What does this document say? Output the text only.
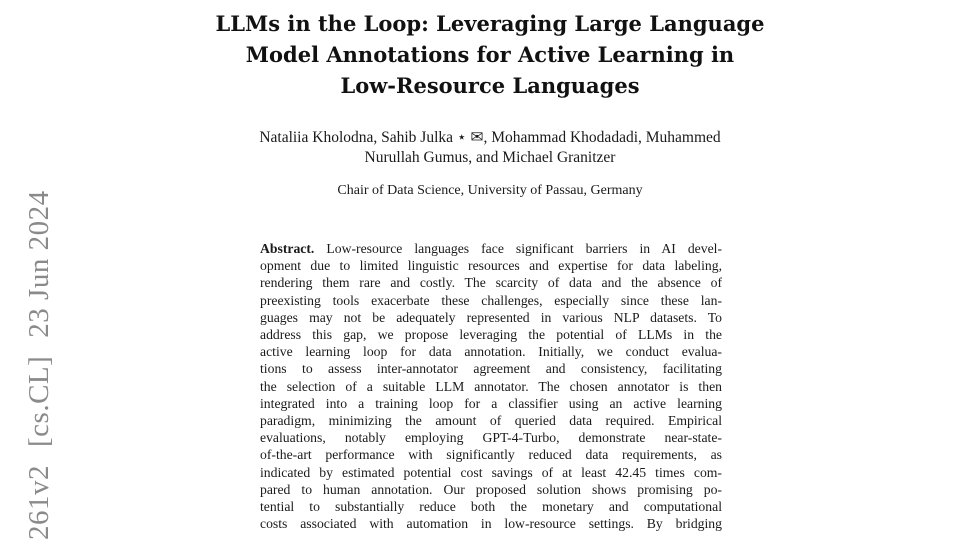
LLMs in the Loop: Leveraging Large Language
Model Annotations for Active Learning in
Low-Resource Languages
Nataliia Kholodna, Sahib Julka ⋆ ✉, Mohammad Khodadadi, Muhammed
Nurullah Gumus, and Michael Granitzer
Chair of Data Science, University of Passau, Germany
Abstract. Low-resource languages face significant barriers in AI devel-
opment due to limited linguistic resources and expertise for data labeling,
rendering them rare and costly. The scarcity of data and the absence of
preexisting tools exacerbate these challenges, especially since these lan-
guages may not be adequately represented in various NLP datasets. To
address this gap, we propose leveraging the potential of LLMs in the
active learning loop for data annotation. Initially, we conduct evalua-
tions to assess inter-annotator agreement and consistency, facilitating
the selection of a suitable LLM annotator. The chosen annotator is then
integrated into a training loop for a classifier using an active learning
paradigm, minimizing the amount of queried data required. Empirical
evaluations, notably employing GPT-4-Turbo, demonstrate near-state-
of-the-art performance with significantly reduced data requirements, as
indicated by estimated potential cost savings of at least 42.45 times com-
pared to human annotation. Our proposed solution shows promising po-
tential to substantially reduce both the monetary and computational
costs associated with automation in low-resource settings. By bridging
261v2[cs.CL]23 Jun 2024
